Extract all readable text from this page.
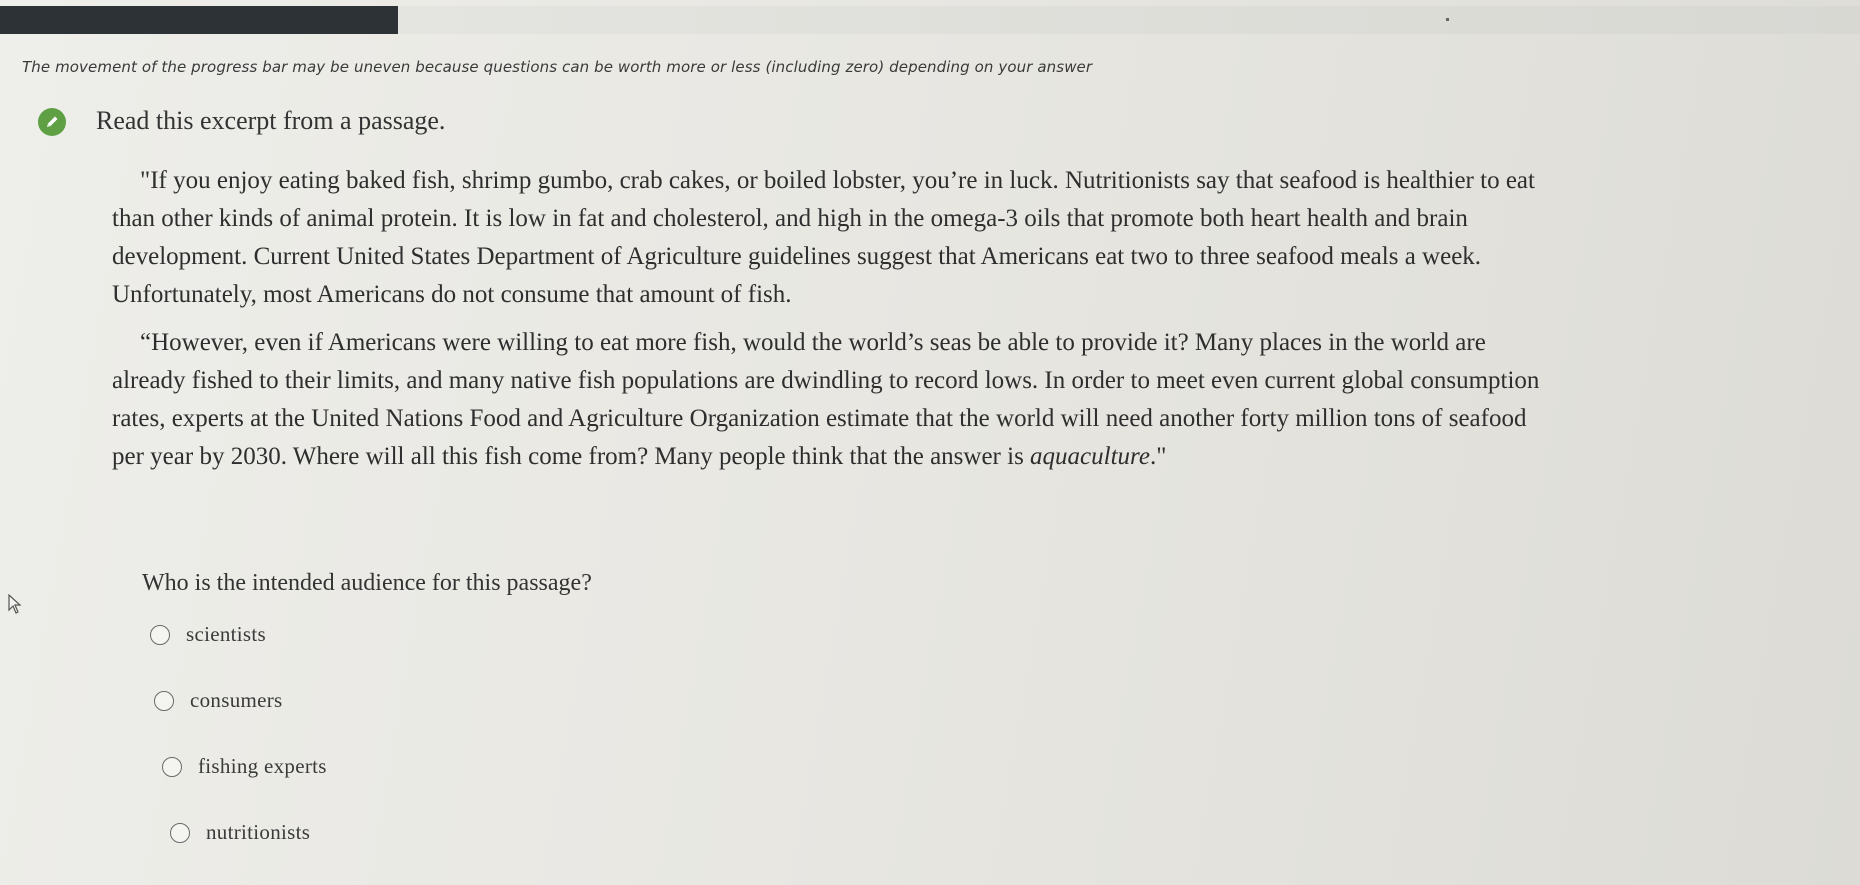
The movement of the progress bar may be uneven because questions can be worth more or less (including zero) depending on your answer
Read this excerpt from a passage.
"If you enjoy eating baked fish, shrimp gumbo, crab cakes, or boiled lobster, you’re in luck. Nutritionists say that seafood is healthier to eat
than other kinds of animal protein. It is low in fat and cholesterol, and high in the omega-3 oils that promote both heart health and brain
development. Current United States Department of Agriculture guidelines suggest that Americans eat two to three seafood meals a week.
Unfortunately, most Americans do not consume that amount of fish.
“However, even if Americans were willing to eat more fish, would the world’s seas be able to provide it? Many places in the world are
already fished to their limits, and many native fish populations are dwindling to record lows. In order to meet even current global consumption
rates, experts at the United Nations Food and Agriculture Organization estimate that the world will need another forty million tons of seafood
per year by 2030. Where will all this fish come from? Many people think that the answer is aquaculture."
Who is the intended audience for this passage?
scientists
consumers
fishing experts
nutritionists
